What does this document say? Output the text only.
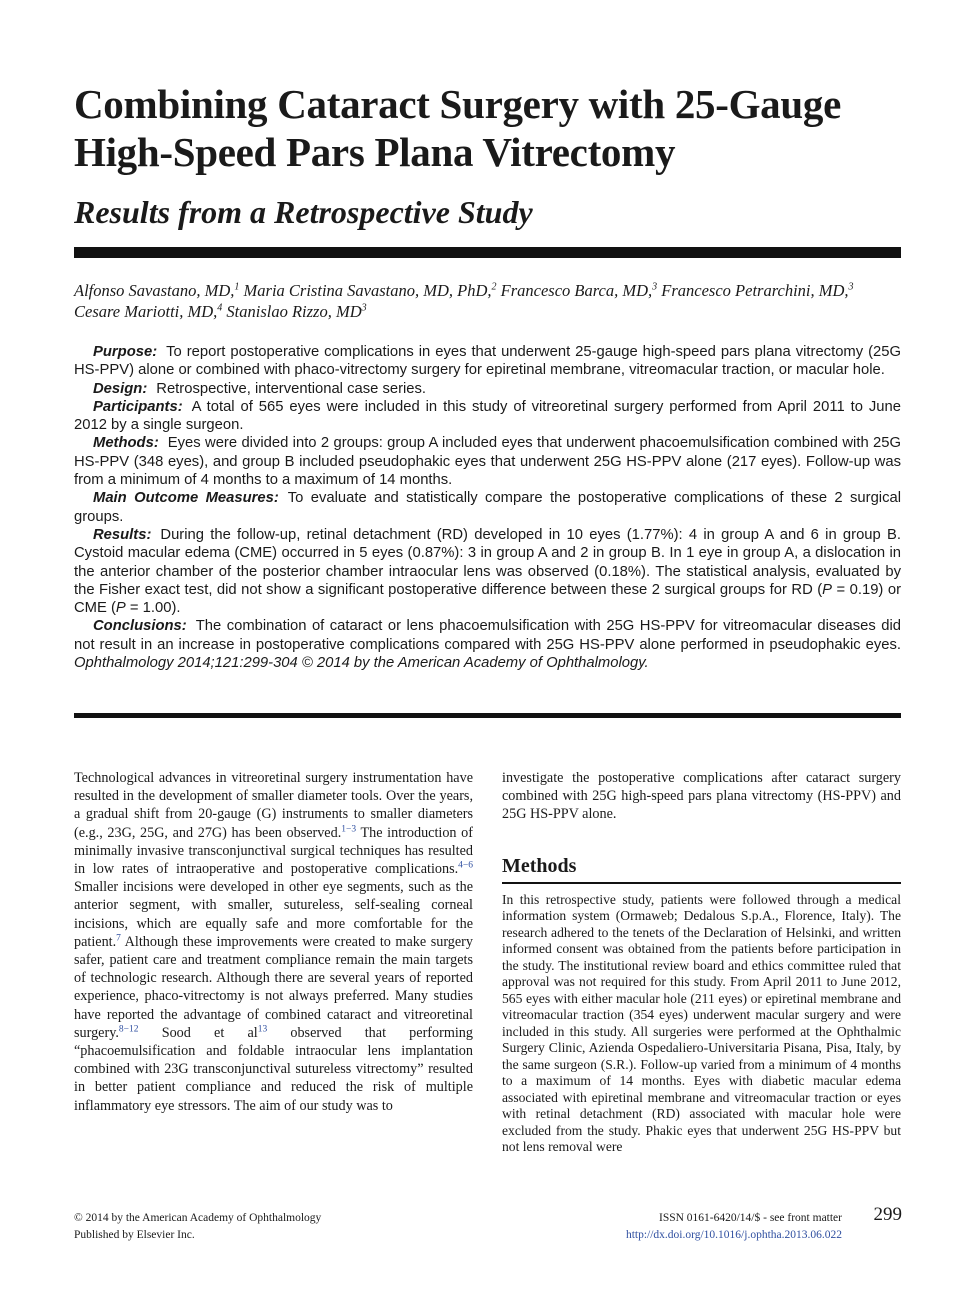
Combining Cataract Surgery with 25-Gauge High-Speed Pars Plana Vitrectomy
Results from a Retrospective Study
Alfonso Savastano, MD,$^1$ Maria Cristina Savastano, MD, PhD,$^2$ Francesco Barca, MD,$^3$ Francesco Petrarchini, MD,$^3$
Cesare Mariotti, MD,$^4$ Stanislao Rizzo, $MD^3$

Purpose: To report postoperative complications in eyes that underwent 25-gauge high-speed pars plana vitrectomy (25G HS-PPV) alone or combined with phaco-vitrectomy surgery for epiretinal membrane, vitreomacular traction, or macular hole.

Design: Retrospective, interventional case series.

Participants: A total of 565 eyes were included in this study of vitreoretinal surgery performed from April 2011 to June 2012 by a single surgeon.

Methods: Eyes were divided into 2 groups: group A included eyes that underwent phacoemulsification combined with 25G HS-PPV (348 eyes), and group B included pseudophakic eyes that underwent 25G HS-PPV alone (217 eyes). Follow-up was from a minimum of 4 months to a maximum of 14 months.

Main Outcome Measures: To evaluate and statistically compare the postoperative complications of these 2 surgical groups.

Results: During the follow-up, retinal detachment (RD) developed in 10 eyes (1.77%): 4 in group A and 6 in group B. Cystoid macular edema (CME) occurred in 5 eyes (0.87%): 3 in group A and 2 in group B. In 1 eye in group A, a dislocation in the anterior chamber of the posterior chamber intraocular lens was observed (0.18%). The statistical analysis, evaluated by the Fisher exact test, did not show a significant postoperative difference between these 2 surgical groups for RD (P = 0.19) or CME (P = 1.00).

Conclusions: The combination of cataract or lens phacoemulsification with 25G HS-PPV for vitreomacular diseases did not result in an increase in postoperative complications compared with 25G HS-PPV alone performed in pseudophakic eyes. Ophthalmology 2014;121:299-304 © 2014 by the American Academy of Ophthalmology.

Technological advances in vitreoretinal surgery instrumentation have resulted in the development of smaller diameter tools. Over the years, a gradual shift from 20-gauge (G) instruments to smaller diameters (e.g., 23G, 25G, and 27G) has been observed.$^{1-3}$ The introduction of minimally invasive transconjunctival surgical techniques has resulted in low rates of intraoperative and postoperative complications.$^{4-6}$ Smaller incisions were developed in other eye segments, such as the anterior segment, with smaller, sutureless, self-sealing corneal incisions, which are equally safe and more comfortable for the patient.$^7$ Although these improvements were created to make surgery safer, patient care and treatment compliance remain the main targets of technologic research. Although there are several years of reported experience, phaco-vitrectomy is not always preferred. Many studies have reported the advantage of combined cataract and vitreoretinal surgery.$^{8-12}$ Sood et al$^{13}$ observed that performing “phacoemulsification and foldable intraocular lens implantation combined with 23G transconjunctival sutureless vitrectomy” resulted in better patient compliance and reduced the risk of multiple inflammatory eye stressors. The aim of our study was to

investigate the postoperative complications after cataract surgery combined with 25G high-speed pars plana vitrectomy (HS-PPV) and 25G HS-PPV alone.

Methods

In this retrospective study, patients were followed through a medical information system (Ormaweb; Dedalous S.p.A., Florence, Italy). The research adhered to the tenets of the Declaration of Helsinki, and written informed consent was obtained from the patients before participation in the study. The institutional review board and ethics committee ruled that approval was not required for this study. From April 2011 to June 2012, 565 eyes with either macular hole (211 eyes) or epiretinal membrane and vitreomacular traction (354 eyes) underwent macular surgery and were included in this study. All surgeries were performed at the Ophthalmic Surgery Clinic, Azienda Ospedaliero-Universitaria Pisana, Pisa, Italy, by the same surgeon (S.R.). Follow-up varied from a minimum of 4 months to a maximum of 14 months. Eyes with diabetic macular edema associated with epiretinal membrane and vitreomacular traction or eyes with retinal detachment (RD) associated with macular hole were excluded from the study. Phakic eyes that underwent 25G HS-PPV but not lens removal were

© 2014 by the American Academy of Ophthalmology
Published by Elsevier Inc.
ISSN 0161-6420/14/$ - see front matter
http://dx.doi.org/10.1016/j.ophtha.2013.06.022
299
